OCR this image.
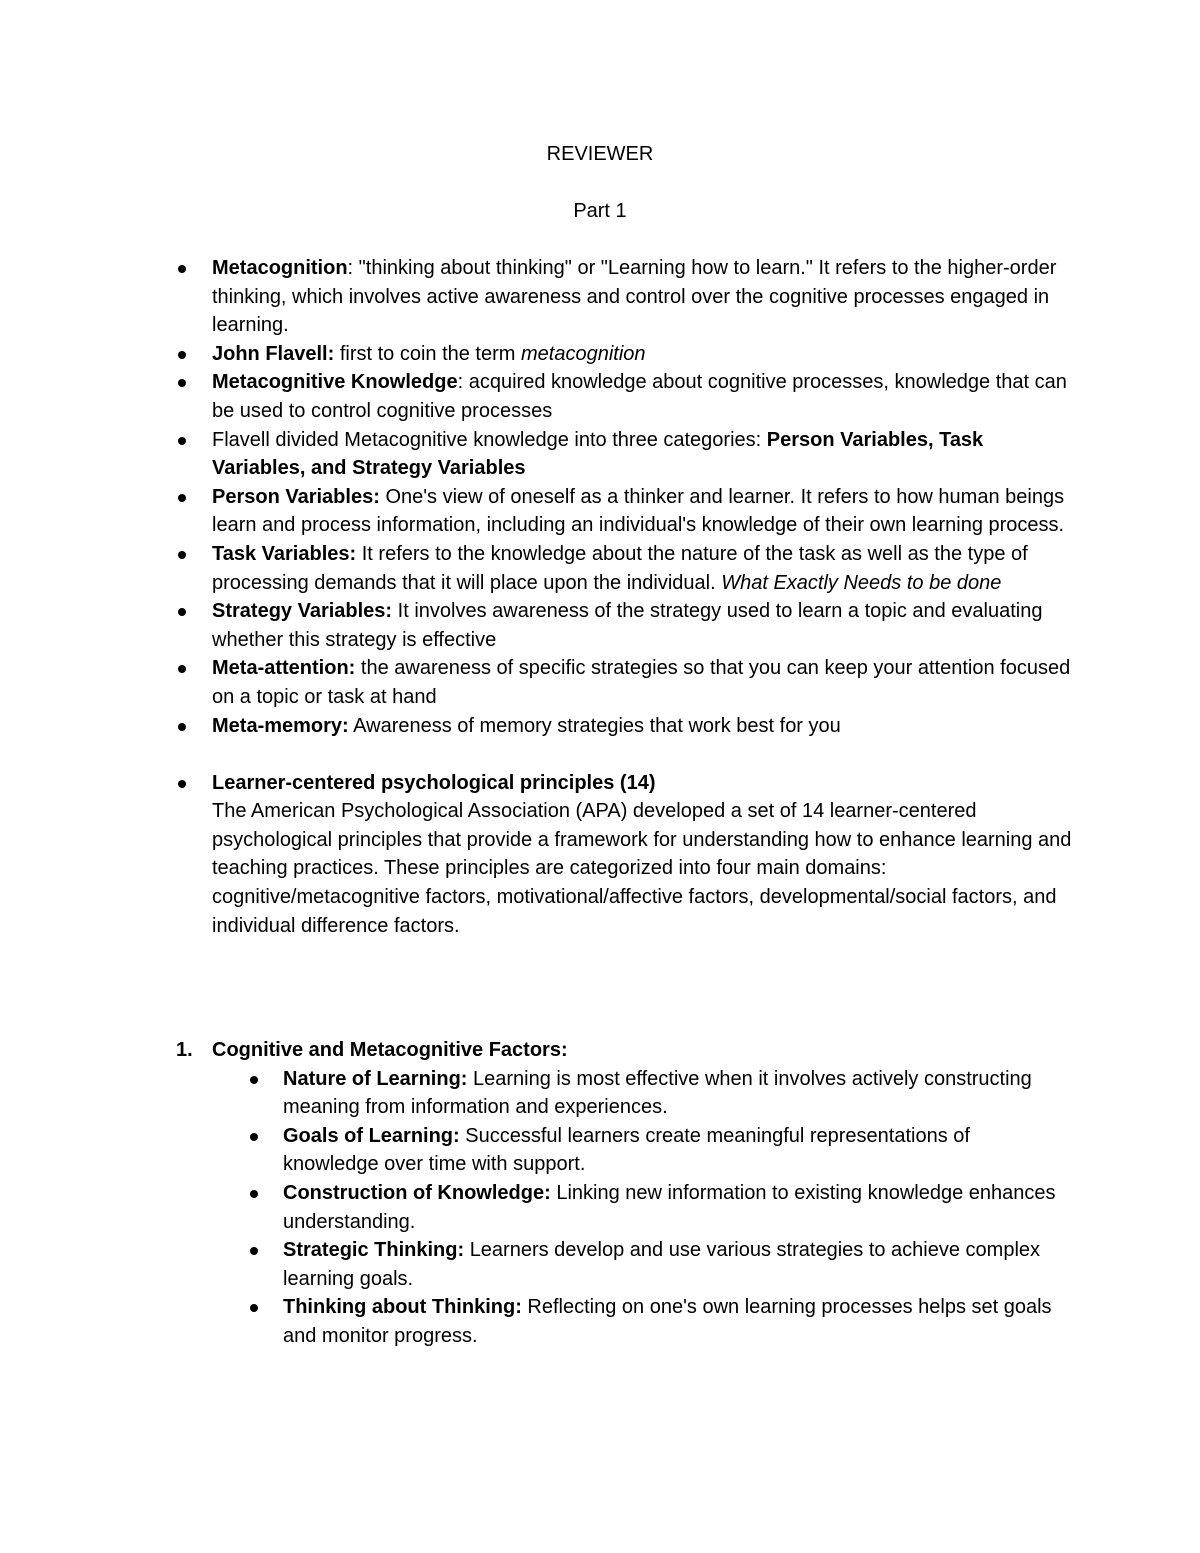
REVIEWER
Part 1
Metacognition: "thinking about thinking" or "Learning how to learn." It refers to the higher-order thinking, which involves active awareness and control over the cognitive processes engaged in learning.
John Flavell: first to coin the term metacognition
Metacognitive Knowledge: acquired knowledge about cognitive processes, knowledge that can be used to control cognitive processes
Flavell divided Metacognitive knowledge into three categories: Person Variables, Task Variables, and Strategy Variables
Person Variables: One's view of oneself as a thinker and learner. It refers to how human beings learn and process information, including an individual's knowledge of their own learning process.
Task Variables: It refers to the knowledge about the nature of the task as well as the type of processing demands that it will place upon the individual. What Exactly Needs to be done
Strategy Variables: It involves awareness of the strategy used to learn a topic and evaluating whether this strategy is effective
Meta-attention: the awareness of specific strategies so that you can keep your attention focused on a topic or task at hand
Meta-memory: Awareness of memory strategies that work best for you
Learner-centered psychological principles (14)
The American Psychological Association (APA) developed a set of 14 learner-centered psychological principles that provide a framework for understanding how to enhance learning and teaching practices. These principles are categorized into four main domains: cognitive/metacognitive factors, motivational/affective factors, developmental/social factors, and individual difference factors.
1. Cognitive and Metacognitive Factors:
Nature of Learning: Learning is most effective when it involves actively constructing meaning from information and experiences.
Goals of Learning: Successful learners create meaningful representations of knowledge over time with support.
Construction of Knowledge: Linking new information to existing knowledge enhances understanding.
Strategic Thinking: Learners develop and use various strategies to achieve complex learning goals.
Thinking about Thinking: Reflecting on one's own learning processes helps set goals and monitor progress.
